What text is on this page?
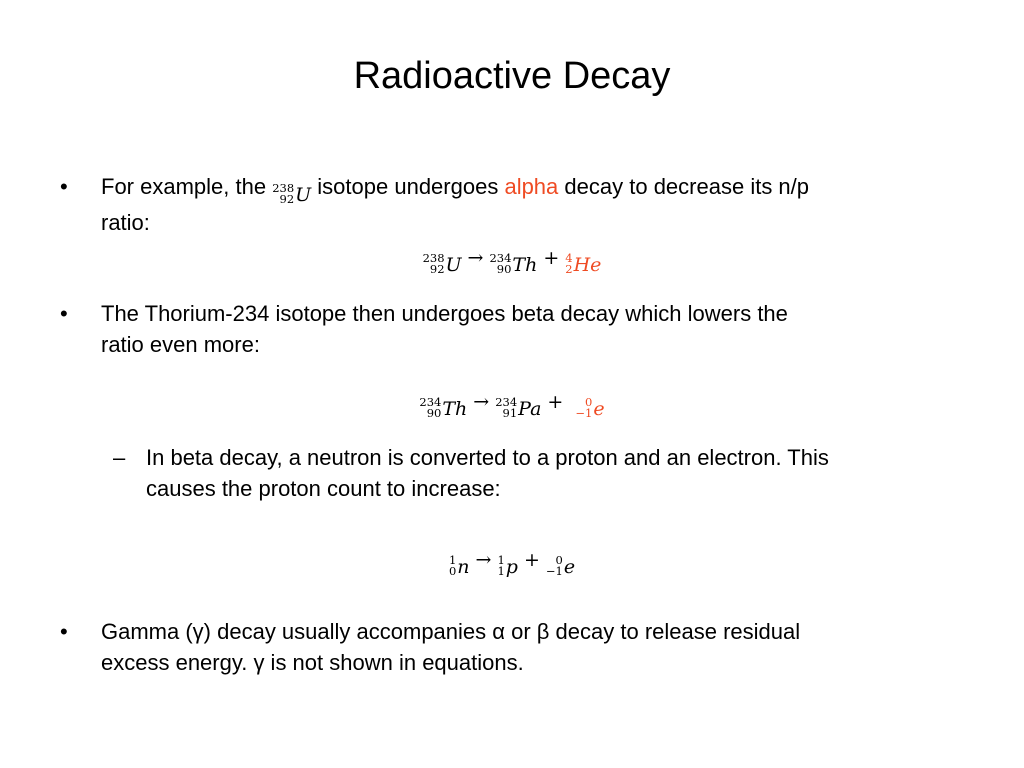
Radioactive Decay
• For example, the 238
92 U isotope undergoes alpha decay to decrease its n/p
ratio:
238
92 U → 234
90 Th + 4
2 He
• The Thorium-234 isotope then undergoes beta decay which lowers the
ratio even more:
234
90 Th → 234
91 Pa + 0
−1 e
– In beta decay, a neutron is converted to a proton and an electron. This
causes the proton count to increase:
1
0 n → 1
1 p + 0
−1 e
• Gamma (γ) decay usually accompanies α or β decay to release residual
excess energy. γ is not shown in equations.
